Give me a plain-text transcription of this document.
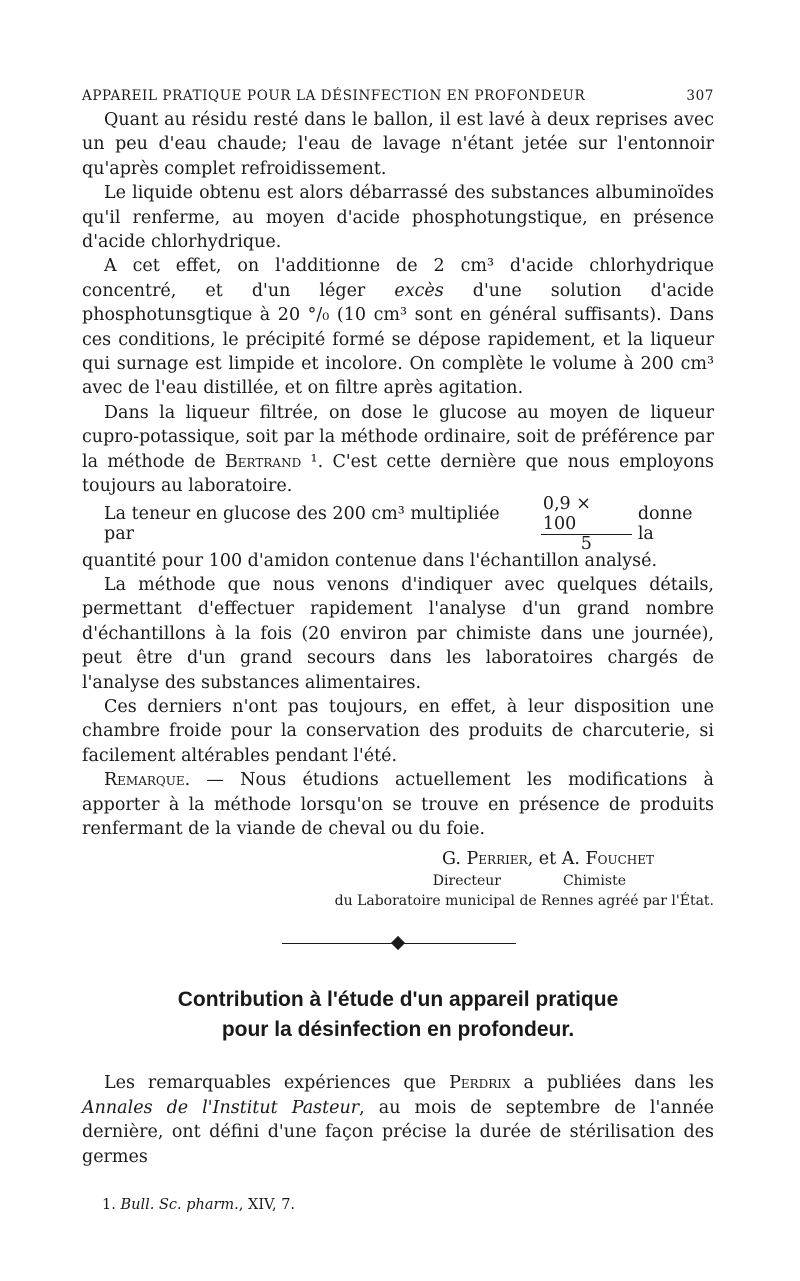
APPAREIL PRATIQUE POUR LA DÉSINFECTION EN PROFONDEUR	307

Quant au résidu resté dans le ballon, il est lavé à deux reprises avec un peu d'eau chaude; l'eau de lavage n'étant jetée sur l'entonnoir qu'après complet refroidissement.

Le liquide obtenu est alors débarrassé des substances albuminoïdes qu'il renferme, au moyen d'acide phosphotungstique, en présence d'acide chlorhydrique.

A cet effet, on l'additionne de 2 cm³ d'acide chlorhydrique concentré, et d'un léger excès d'une solution d'acide phosphotunsgtique à 20 °/₀ (10 cm³ sont en général suffisants). Dans ces conditions, le précipité formé se dépose rapidement, et la liqueur qui surnage est limpide et incolore. On complète le volume à 200 cm³ avec de l'eau distillée, et on filtre après agitation.

Dans la liqueur filtrée, on dose le glucose au moyen de liqueur cupro-potassique, soit par la méthode ordinaire, soit de préférence par la méthode de Bertrand ¹. C'est cette dernière que nous employons toujours au laboratoire.

La teneur en glucose des 200 cm³ multipliée par	$\frac{0,9 \times 100}{5}$ donne la

quantité pour 100 d'amidon contenue dans l'échantillon analysé.

La méthode que nous venons d'indiquer avec quelques détails, permettant d'effectuer rapidement l'analyse d'un grand nombre d'échantillons à la fois (20 environ par chimiste dans une journée), peut être d'un grand secours dans les laboratoires chargés de l'analyse des substances alimentaires.

Ces derniers n'ont pas toujours, en effet, à leur disposition une chambre froide pour la conservation des produits de charcuterie, si facilement altérables pendant l'été.

Remarque. — Nous étudions actuellement les modifications à apporter à la méthode lorsqu'on se trouve en présence de produits renfermant de la viande de cheval ou du foie.

G. Perrier, et A. Fouchet
Directeur	Chimiste
du Laboratoire municipal de Rennes agréé par l'État.
Contribution à l'étude d'un appareil pratique
pour la désinfection en profondeur.

Les remarquables expériences que Perdrix a publiées dans les Annales de l'Institut Pasteur, au mois de septembre de l'année dernière, ont défini d'une façon précise la durée de stérilisation des germes

1. Bull. Sc. pharm., XIV, 7.
